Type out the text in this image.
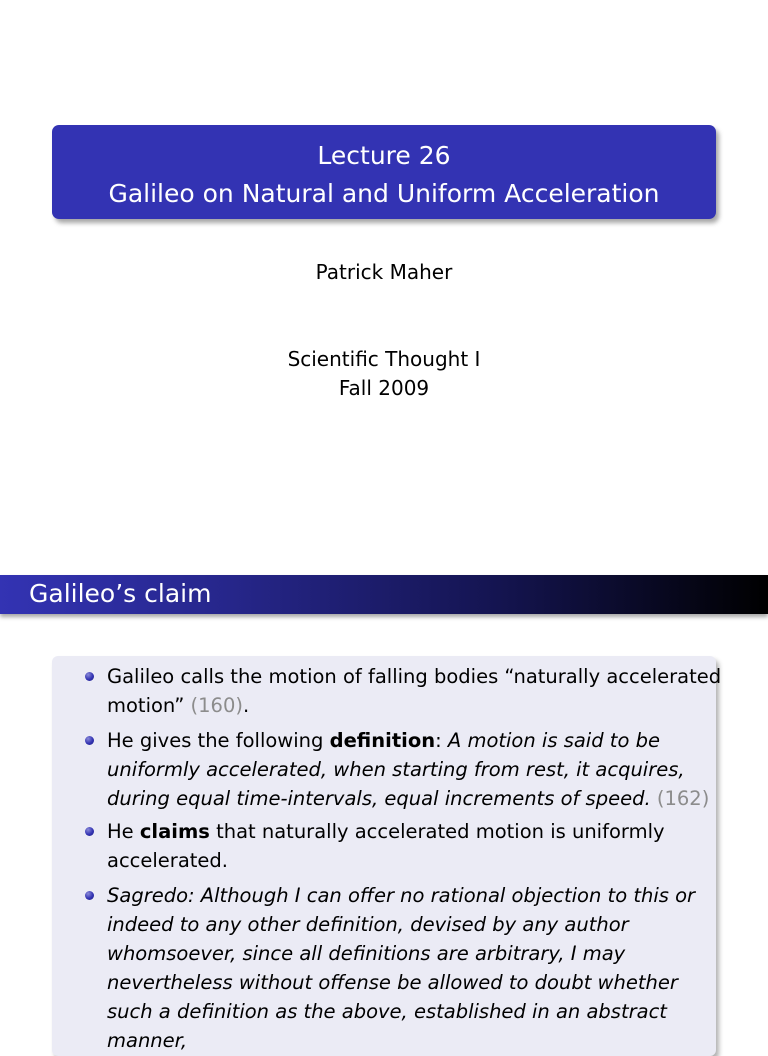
Lecture 26
Galileo on Natural and Uniform Acceleration
Patrick Maher
Scientific Thought I
Fall 2009
Galileo’s claim
Galileo calls the motion of falling bodies “naturally accelerated motion” (160).
He gives the following definition: A motion is said to be uniformly accelerated, when starting from rest, it acquires, during equal time-intervals, equal increments of speed. (162)
He claims that naturally accelerated motion is uniformly accelerated.
Sagredo: Although I can offer no rational objection to this or indeed to any other definition, devised by any author whomsoever, since all definitions are arbitrary, I may nevertheless without offense be allowed to doubt whether such a definition as the above, established in an abstract manner,
